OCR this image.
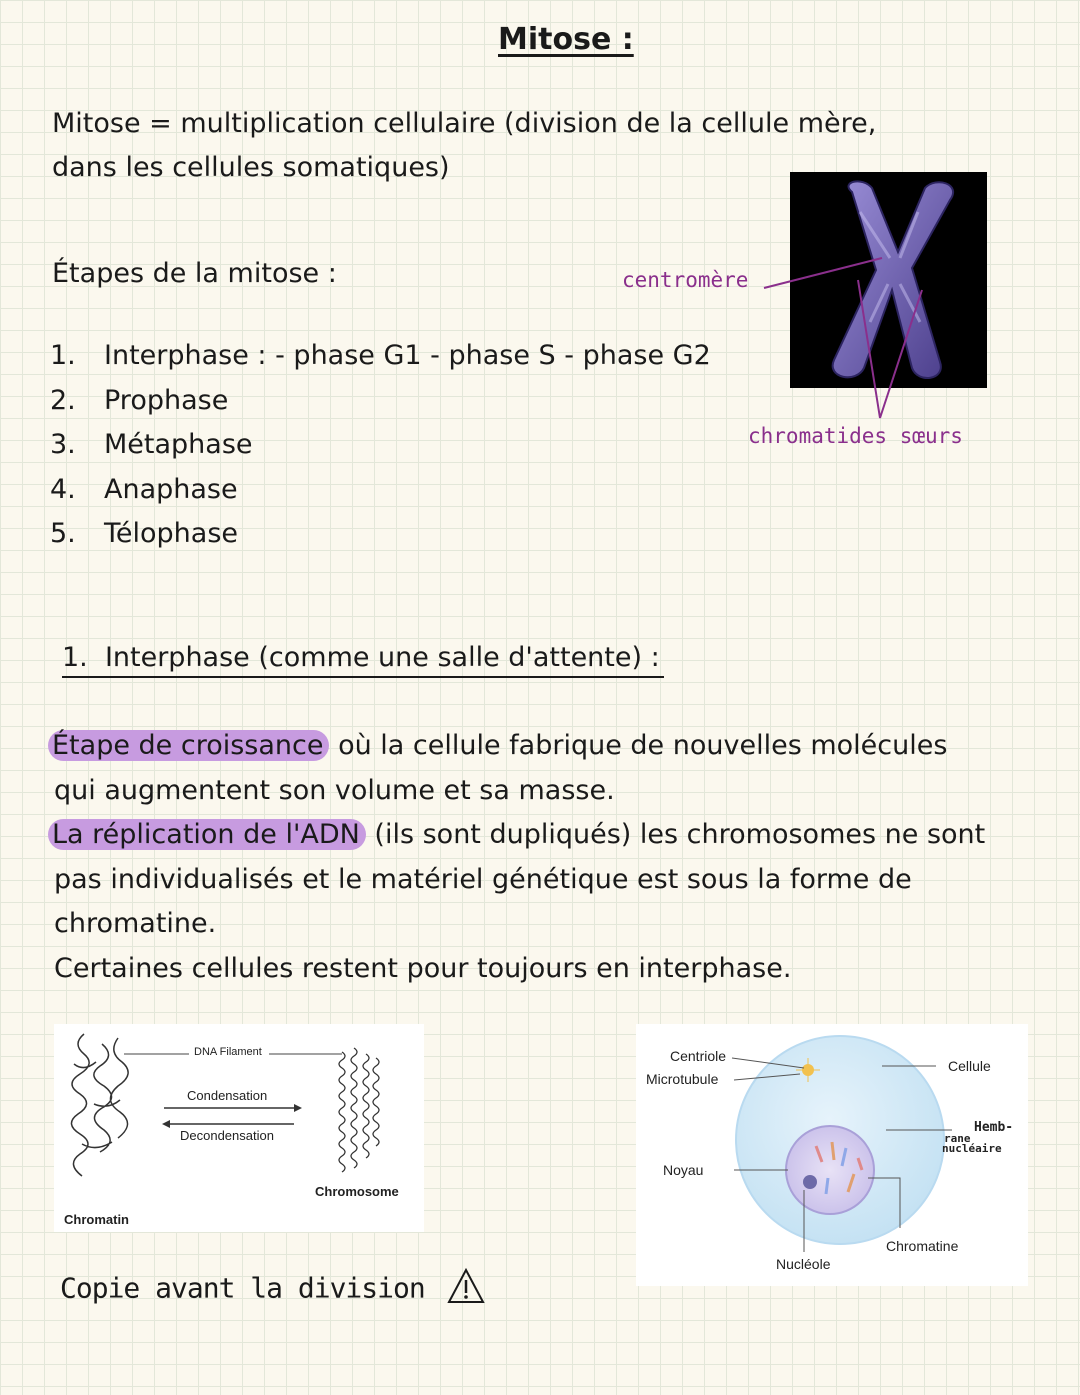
Mitose :
Mitose = multiplication cellulaire (division de la cellule mère,
dans les cellules somatiques)
Étapes de la mitose :
1. Interphase : - phase G1 - phase S - phase G2
2. Prophase
3. Métaphase
4. Anaphase
5. Télophase
centromère
chromatides sœurs
1. Interphase (comme une salle d'attente) :
Étape de croissance où la cellule fabrique de nouvelles molécules
qui augmentent son volume et sa masse.
La réplication de l'ADN (ils sont dupliqués) les chromosomes ne sont
pas individualisés et le matériel génétique est sous la forme de
chromatine.
Certaines cellules restent pour toujours en interphase.
DNA Filament
Condensation
Decondensation
Chromatin
Chromosome
Centriole
Microtubule
Noyau
Cellule
Hemb-
rane
nucléaire
Nucléole
Chromatine
Copie avant la division
